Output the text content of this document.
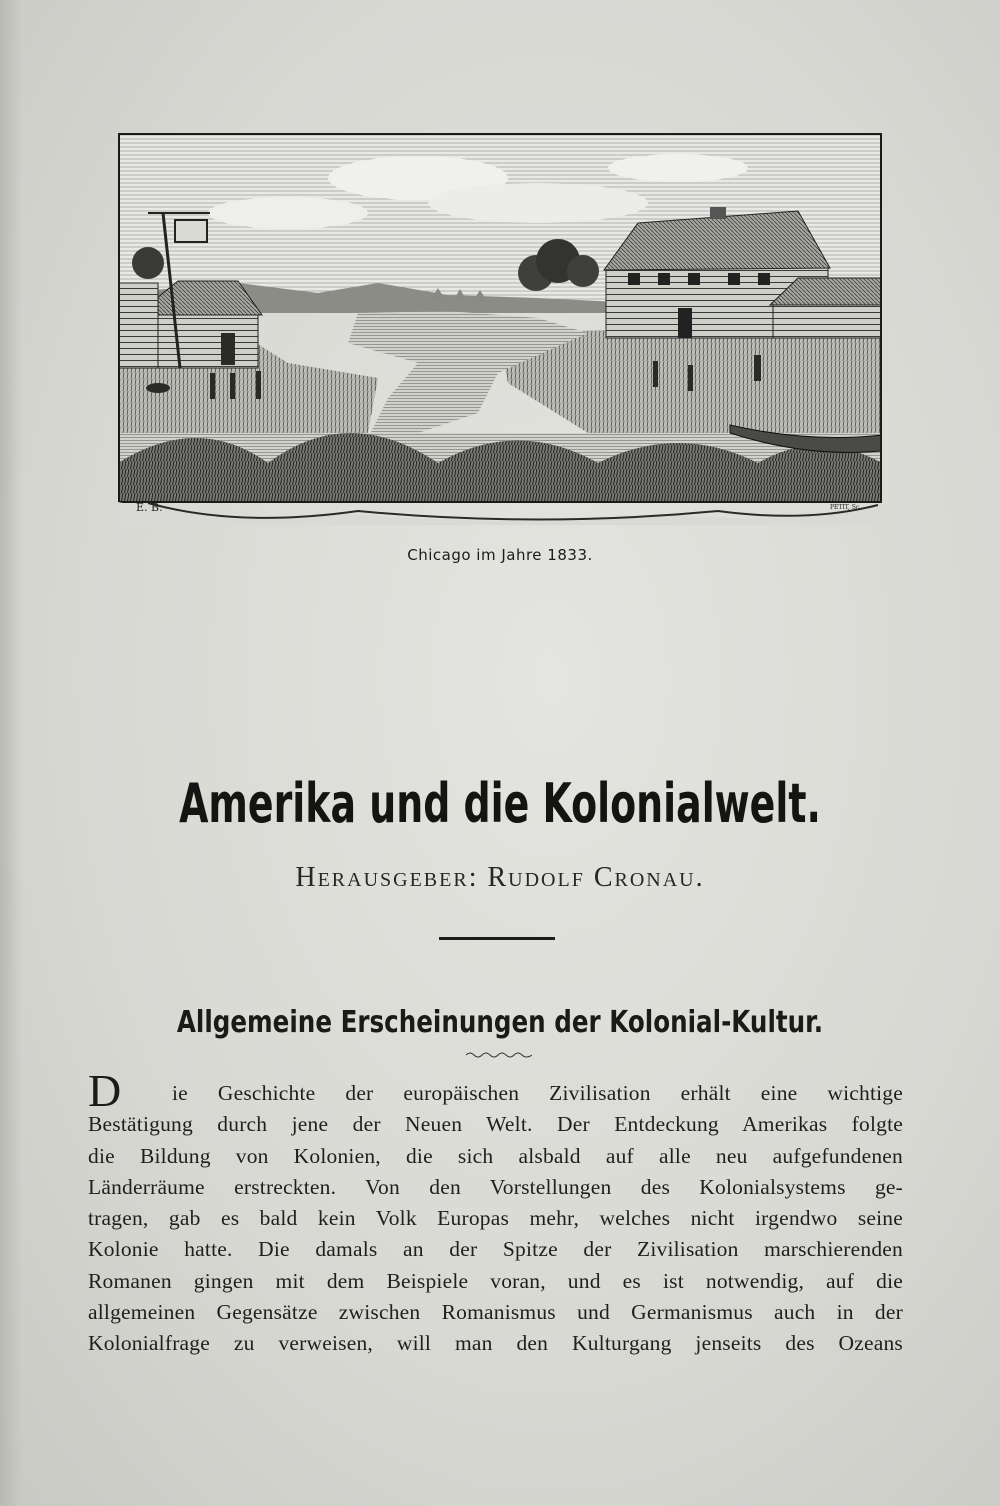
E. B.	PETIT, Sc.
Chicago im Jahre 1833.
Amerika und die Kolonialwelt.
Herausgeber: Rudolf Cronau.
Allgemeine Erscheinungen der Kolonial-Kultur.
D	ie Geschichte der europäischen Zivilisation erhält eine wichtige
Bestätigung durch jene der Neuen Welt. Der Entdeckung Amerikas folgte
die Bildung von Kolonien, die sich alsbald auf alle neu aufgefundenen
Länderräume erstreckten. Von den Vorstellungen des Kolonialsystems ge-
tragen, gab es bald kein Volk Europas mehr, welches nicht irgendwo seine
Kolonie hatte. Die damals an der Spitze der Zivilisation marschierenden
Romanen gingen mit dem Beispiele voran, und es ist notwendig, auf die
allgemeinen Gegensätze zwischen Romanismus und Germanismus auch in der
Kolonialfrage zu verweisen, will man den Kulturgang jenseits des Ozeans
